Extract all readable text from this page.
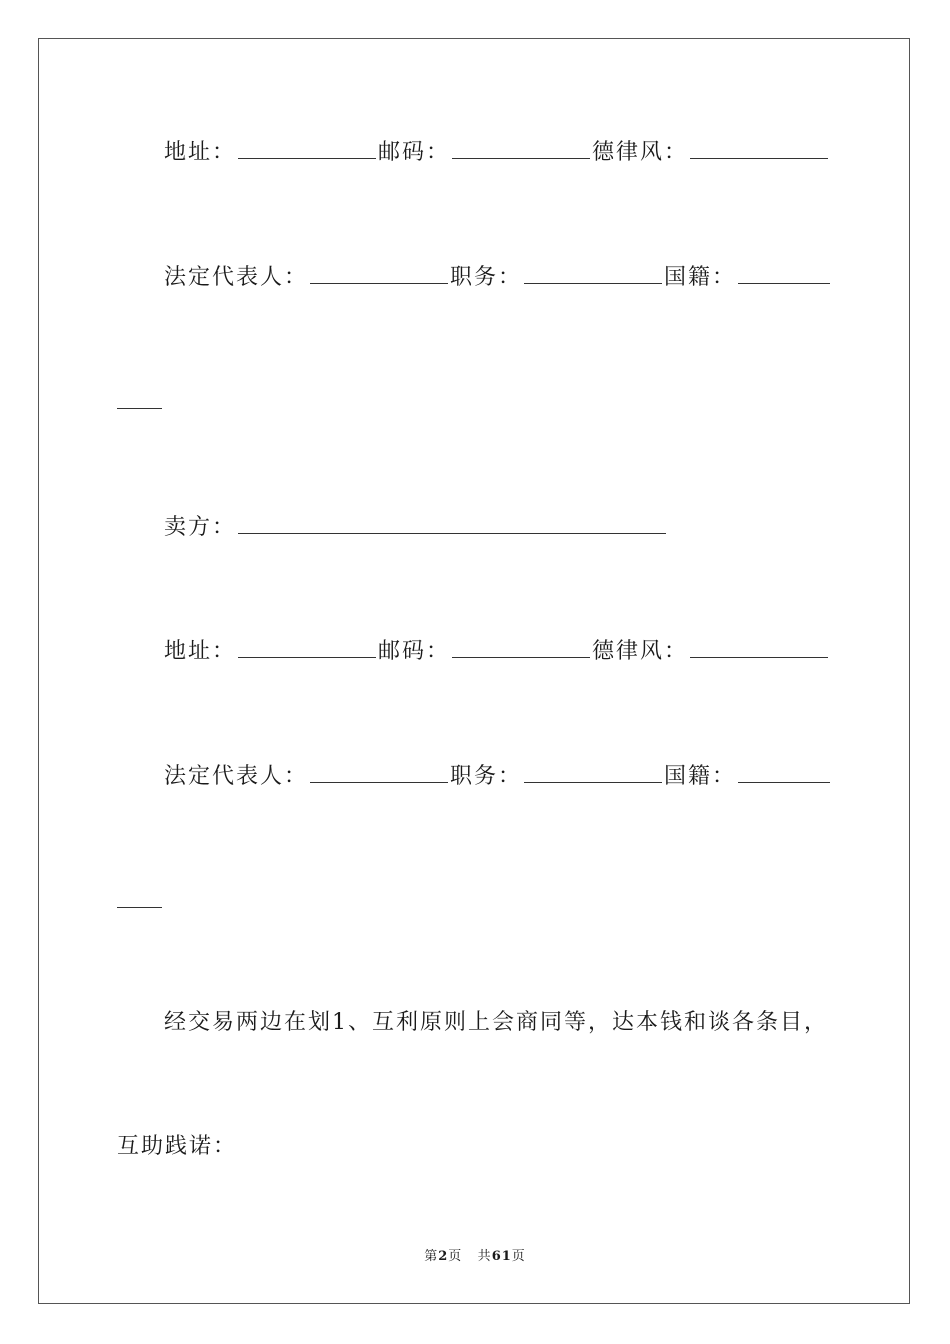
地址：	邮码：	德律风：
法定代表人：	职务：	国籍：
卖方：
地址：	邮码：	德律风：
法定代表人：	职务：	国籍：
经交易两边在划1、互利原则上会商同等，达本钱和谈各条目，
互助践诺：
第2页 共61页
